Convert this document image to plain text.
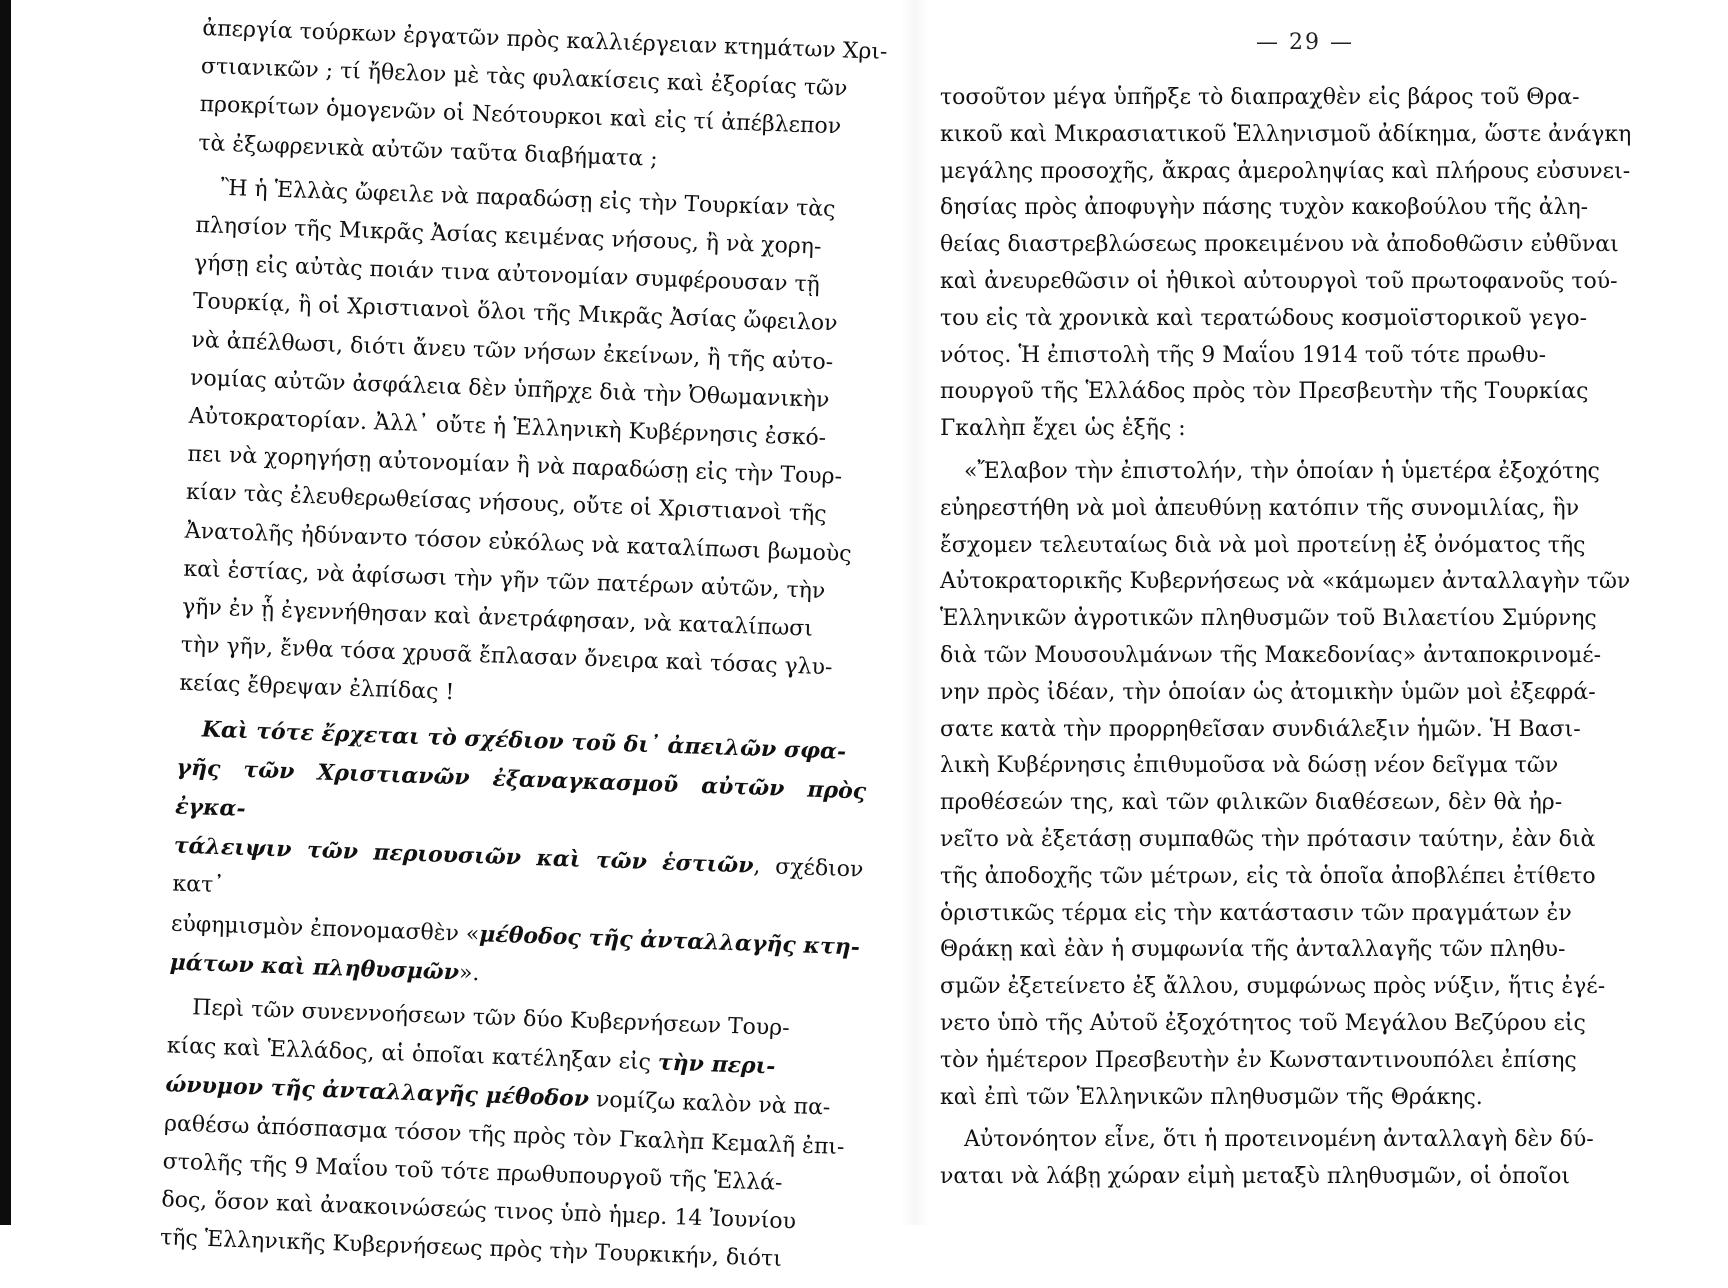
ἀπεργία τούρκων ἐργατῶν πρὸς καλλιέργειαν κτημάτων Χρι-
στιανικῶν ; τί ἤθελον μὲ τὰς φυλακίσεις καὶ ἐξορίας τῶν
προκρίτων ὁμογενῶν οἱ Νεότουρκοι καὶ εἰς τί ἀπέβλεπον
τὰ ἐξωφρενικὰ αὐτῶν ταῦτα διαβήματα ;

Ἢ ἡ Ἑλλὰς ὤφειλε νὰ παραδώσῃ εἰς τὴν Τουρκίαν τὰς
πλησίον τῆς Μικρᾶς Ἀσίας κειμένας νήσους, ἢ νὰ χορη-
γήσῃ εἰς αὐτὰς ποιάν τινα αὐτονομίαν συμφέρουσαν τῇ
Τουρκίᾳ, ἢ οἱ Χριστιανοὶ ὅλοι τῆς Μικρᾶς Ἀσίας ὤφειλον
νὰ ἀπέλθωσι, διότι ἄνευ τῶν νήσων ἐκείνων, ἢ τῆς αὐτο-
νομίας αὐτῶν ἀσφάλεια δὲν ὑπῆρχε διὰ τὴν Ὀθωμανικὴν
Αὐτοκρατορίαν. Ἀλλ᾽ οὔτε ἡ Ἑλληνικὴ Κυβέρνησις ἐσκό-
πει νὰ χορηγήσῃ αὐτονομίαν ἢ νὰ παραδώσῃ εἰς τὴν Τουρ-
κίαν τὰς ἐλευθερωθείσας νήσους, οὔτε οἱ Χριστιανοὶ τῆς
Ἀνατολῆς ἠδύναντο τόσον εὐκόλως νὰ καταλίπωσι βωμοὺς
καὶ ἑστίας, νὰ ἀφίσωσι τὴν γῆν τῶν πατέρων αὐτῶν, τὴν
γῆν ἐν ᾗ ἐγεννήθησαν καὶ ἀνετράφησαν, νὰ καταλίπωσι
τὴν γῆν, ἔνθα τόσα χρυσᾶ ἔπλασαν ὄνειρα καὶ τόσας γλυ-
κείας ἔθρεψαν ἐλπίδας !

Καὶ τότε ἔρχεται τὸ σχέδιον τοῦ δι᾽ ἀπειλῶν σφα-
γῆς τῶν Χριστιανῶν ἐξαναγκασμοῦ αὐτῶν πρὸς ἐγκα-
τάλειψιν τῶν περιουσιῶν καὶ τῶν ἑστιῶν, σχέδιον κατ᾽
εὐφημισμὸν ἐπονομασθὲν «μέθοδος τῆς ἀνταλλαγῆς κτη-
μάτων καὶ πληθυσμῶν».

Περὶ τῶν συνεννοήσεων τῶν δύο Κυβερνήσεων Τουρ-
κίας καὶ Ἑλλάδος, αἱ ὁποῖαι κατέληξαν εἰς τὴν περι-
ώνυμον τῆς ἀνταλλαγῆς μέθοδον νομίζω καλὸν νὰ πα-
ραθέσω ἀπόσπασμα τόσον τῆς πρὸς τὸν Γκαλὴπ Κεμαλῆ ἐπι-
στολῆς τῆς 9 Μαΐου τοῦ τότε πρωθυπουργοῦ τῆς Ἑλλά-
δος, ὅσον καὶ ἀνακοινώσεώς τινος ὑπὸ ἡμερ. 14 Ἰουνίου
τῆς Ἑλληνικῆς Κυβερνήσεως πρὸς τὴν Τουρκικήν, διότι

— 29 —

τοσοῦτον μέγα ὑπῆρξε τὸ διαπραχθὲν εἰς βάρος τοῦ Θρα-
κικοῦ καὶ Μικρασιατικοῦ Ἑλληνισμοῦ ἀδίκημα, ὥστε ἀνάγκη
μεγάλης προσοχῆς, ἄκρας ἀμεροληψίας καὶ πλήρους εὐσυνει-
δησίας πρὸς ἀποφυγὴν πάσης τυχὸν κακοβούλου τῆς ἀλη-
θείας διαστρεβλώσεως προκειμένου νὰ ἀποδοθῶσιν εὐθῦναι
καὶ ἀνευρεθῶσιν οἱ ἠθικοὶ αὐτουργοὶ τοῦ πρωτοφανοῦς τού-
του εἰς τὰ χρονικὰ καὶ τερατώδους κοσμοϊστορικοῦ γεγο-
νότος. Ἡ ἐπιστολὴ τῆς 9 Μαΐου 1914 τοῦ τότε πρωθυ-
πουργοῦ τῆς Ἑλλάδος πρὸς τὸν Πρεσβευτὴν τῆς Τουρκίας
Γκαλὴπ ἔχει ὡς ἑξῆς :

«Ἔλαβον τὴν ἐπιστολήν, τὴν ὁποίαν ἡ ὑμετέρα ἐξοχότης
εὐηρεστήθη νὰ μοὶ ἀπευθύνῃ κατόπιν τῆς συνομιλίας, ἣν
ἔσχομεν τελευταίως διὰ νὰ μοὶ προτείνῃ ἐξ ὀνόματος τῆς
Αὐτοκρατορικῆς Κυβερνήσεως νὰ «κάμωμεν ἀνταλλαγὴν τῶν
Ἑλληνικῶν ἀγροτικῶν πληθυσμῶν τοῦ Βιλαετίου Σμύρνης
διὰ τῶν Μουσουλμάνων τῆς Μακεδονίας» ἀνταποκρινομέ-
νην πρὸς ἰδέαν, τὴν ὁποίαν ὡς ἀτομικὴν ὑμῶν μοὶ ἐξεφρά-
σατε κατὰ τὴν προρρηθεῖσαν συνδιάλεξιν ἡμῶν. Ἡ Βασι-
λικὴ Κυβέρνησις ἐπιθυμοῦσα νὰ δώσῃ νέον δεῖγμα τῶν
προθέσεών της, καὶ τῶν φιλικῶν διαθέσεων, δὲν θὰ ἠρ-
νεῖτο νὰ ἐξετάσῃ συμπαθῶς τὴν πρότασιν ταύτην, ἐὰν διὰ
τῆς ἀποδοχῆς τῶν μέτρων, εἰς τὰ ὁποῖα ἀποβλέπει ἐτίθετο
ὁριστικῶς τέρμα εἰς τὴν κατάστασιν τῶν πραγμάτων ἐν
Θράκῃ καὶ ἐὰν ἡ συμφωνία τῆς ἀνταλλαγῆς τῶν πληθυ-
σμῶν ἐξετείνετο ἐξ ἄλλου, συμφώνως πρὸς νύξιν, ἥτις ἐγέ-
νετο ὑπὸ τῆς Αὐτοῦ ἐξοχότητος τοῦ Μεγάλου Βεζύρου εἰς
τὸν ἡμέτερον Πρεσβευτὴν ἐν Κωνσταντινουπόλει ἐπίσης
καὶ ἐπὶ τῶν Ἑλληνικῶν πληθυσμῶν τῆς Θράκης.

Αὐτονόητον εἶνε, ὅτι ἡ προτεινομένη ἀνταλλαγὴ δὲν δύ-
ναται νὰ λάβῃ χώραν εἰμὴ μεταξὺ πληθυσμῶν, οἱ ὁποῖοι
